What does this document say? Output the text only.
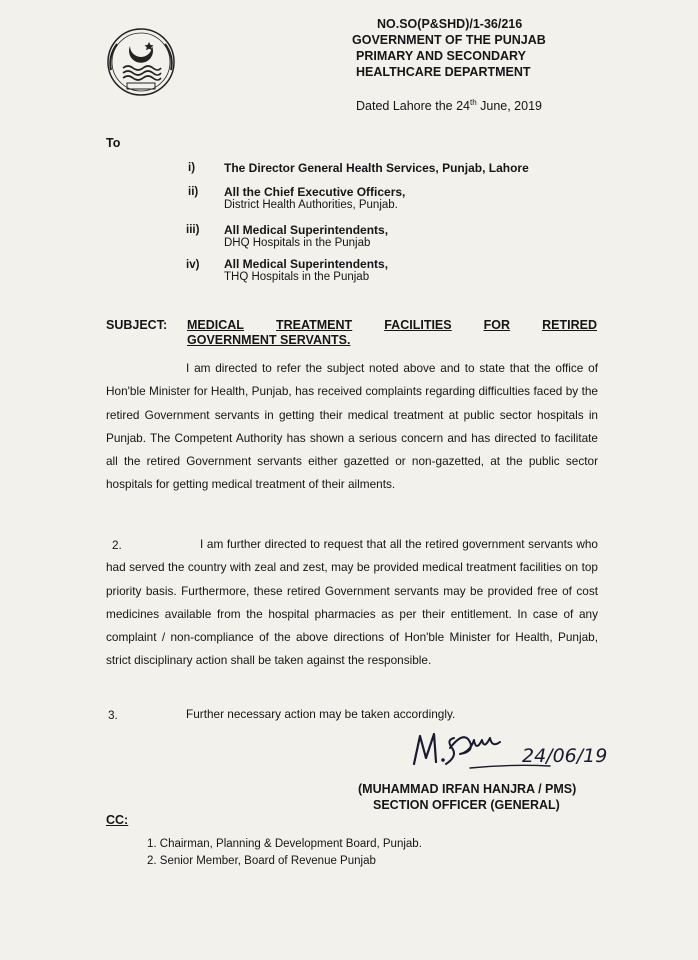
NO.SO(P&SHD)/1-36/216
GOVERNMENT OF THE PUNJAB
PRIMARY AND SECONDARY
HEALTHCARE DEPARTMENT
Dated Lahore the 24th June, 2019
To
i) The Director General Health Services, Punjab, Lahore
ii) All the Chief Executive Officers,
District Health Authorities, Punjab.
iii) All Medical Superintendents,
DHQ Hospitals in the Punjab
iv) All Medical Superintendents,
THQ Hospitals in the Punjab
SUBJECT: MEDICAL	TREATMENT	FACILITIES	FOR	RETIRED
GOVERNMENT SERVANTS.
I am directed to refer the subject noted above and to state that the office of Hon'ble Minister for Health, Punjab, has received complaints regarding difficulties faced by the retired Government servants in getting their medical treatment at public sector hospitals in Punjab. The Competent Authority has shown a serious concern and has directed to facilitate all the retired Government servants either gazetted or non-gazetted, at the public sector hospitals for getting medical treatment of their ailments.
2.	I am further directed to request that all the retired government servants who had served the country with zeal and zest, may be provided medical treatment facilities on top priority basis. Furthermore, these retired Government servants may be provided free of cost medicines available from the hospital pharmacies as per their entitlement. In case of any complaint / non-compliance of the above directions of Hon'ble Minister for Health, Punjab, strict disciplinary action shall be taken against the responsible.
3.	Further necessary action may be taken accordingly.
24/06/19
(MUHAMMAD IRFAN HANJRA / PMS)
SECTION OFFICER (GENERAL)
CC:
1. Chairman, Planning & Development Board, Punjab.
2. Senior Member, Board of Revenue Punjab
